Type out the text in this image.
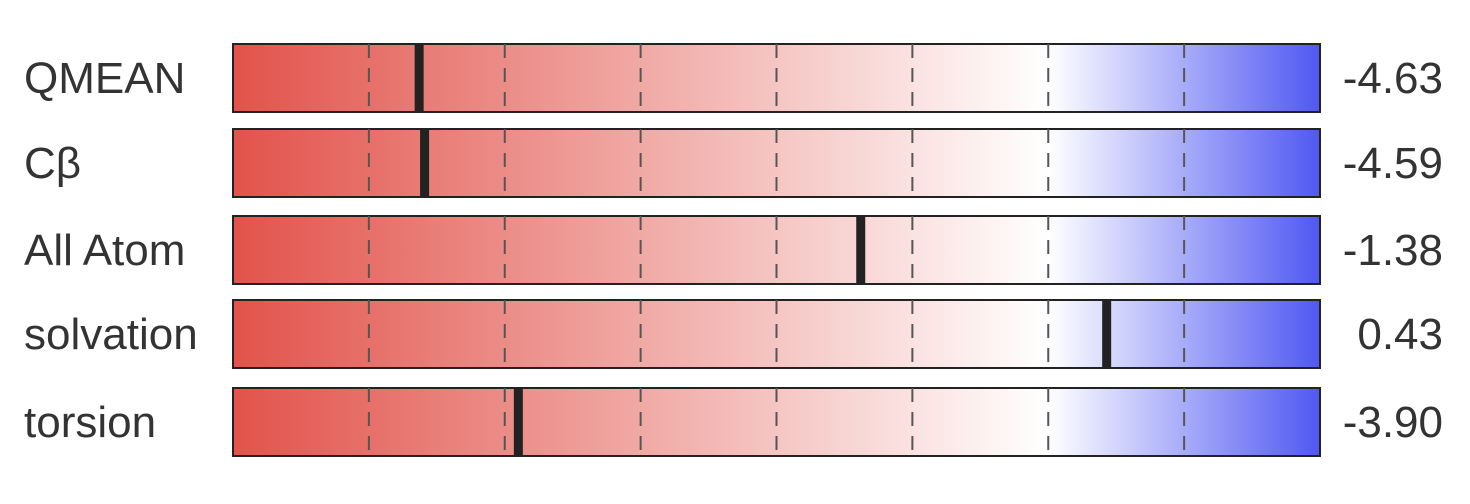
QMEAN	-4.63
Cβ	-4.59
All Atom	-1.38
solvation	0.43
torsion	-3.90
